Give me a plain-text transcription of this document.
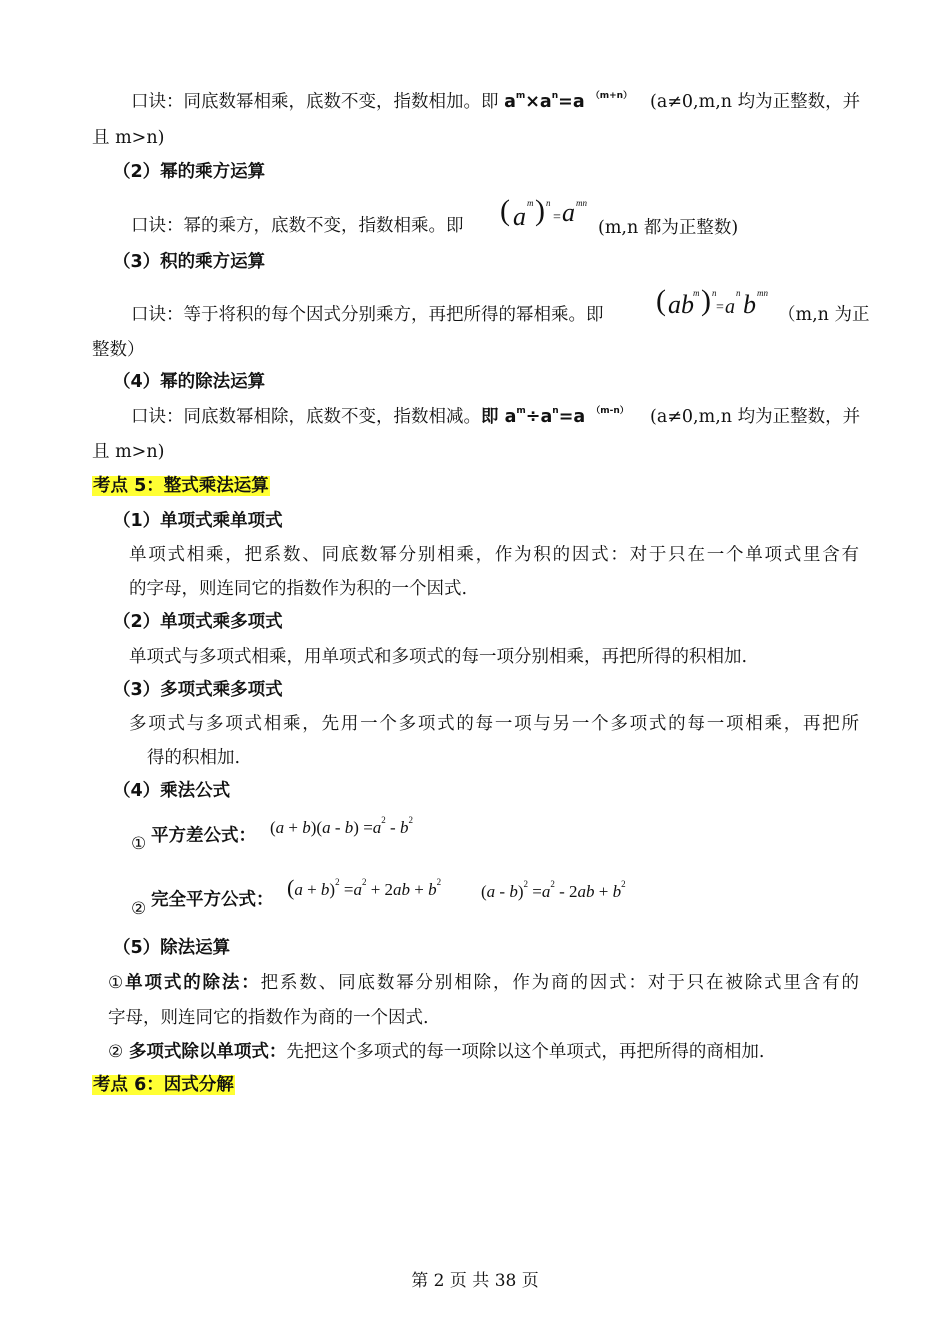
口诀：同底数幂相乘，底数不变，指数相加。即 $a^m\times a^n=a$ $^{(m+n)}$ (a≠0,m,n 均为正整数，并
且 m>n)
（2）幂的乘方运算
口诀：幂的乘方，底数不变，指数相乘。即 ( a m ) n
= a mn
(m,n 都为正整数)
（3）积的乘方运算
口诀：等于将积的每个因式分别乘方，再把所得的幂相乘。即 ( ab m ) n
= a
n b mn
（m,n 为正
整数）
（4）幂的除法运算
口诀：同底数幂相除，底数不变，指数相减。即 $a^m\div a^n=a$ $^{(m-n)}$ (a≠0,m,n 均为正整数，并
且 m>n)
考点 5：整式乘法运算
（1）单项式乘单项式
单项式相乘，把系数、同底数幂分别相乘，作为积的因式：对于只在一个单项式里含有
的字母，则连同它的指数作为积的一个因式.
（2）单项式乘多项式
单项式与多项式相乘，用单项式和多项式的每一项分别相乘，再把所得的积相加.
（3）多项式乘多项式
多项式与多项式相乘，先用一个多项式的每一项与另一个多项式的每一项相乘，再把所
得的积相加.
（4）乘法公式
① 平方差公式： $(a + b)(a - b) =a^2 - b^2$
② 完全平方公式： $(a + b)^2 =a^2 + 2ab + b^2$ $(a - b)^2 =a^2 - 2ab + b^2$
（5）除法运算
①单项式的除法：把系数、同底数幂分别相除，作为商的因式：对于只在被除式里含有的
字母，则连同它的指数作为商的一个因式.
② 多项式除以单项式：先把这个多项式的每一项除以这个单项式，再把所得的商相加.
考点 6：因式分解
第 2 页 共 38 页
